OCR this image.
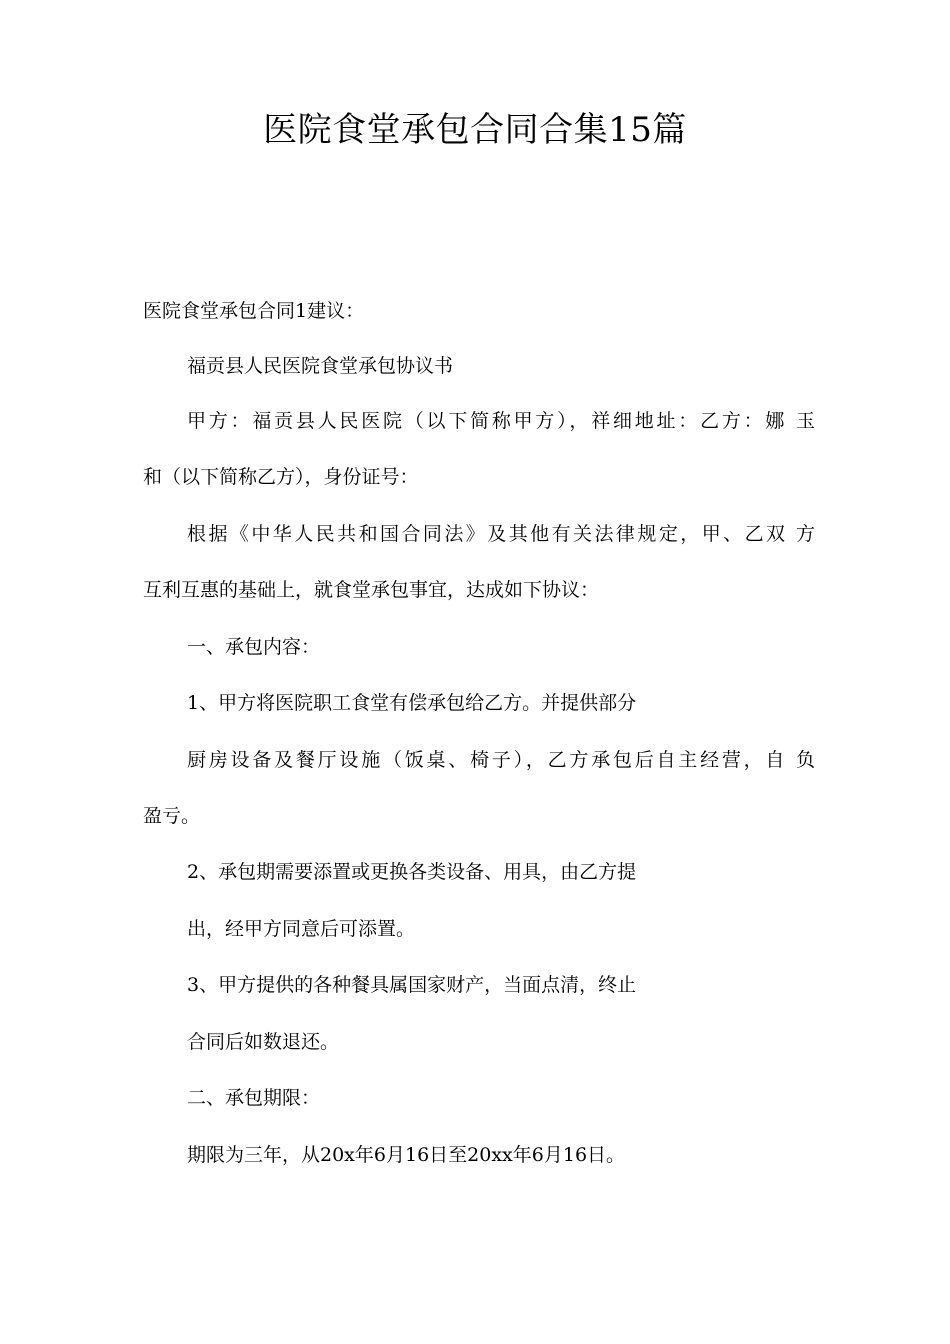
医院食堂承包合同合集15篇
医院食堂承包合同1建议：
福贡县人民医院食堂承包协议书
甲方：福贡县人民医院（以下简称甲方），祥细地址：乙方：娜 玉
和（以下简称乙方），身份证号：
根据《中华人民共和国合同法》及其他有关法律规定，甲、乙双 方
互利互惠的基础上，就食堂承包事宜，达成如下协议：
一、承包内容：
1、甲方将医院职工食堂有偿承包给乙方。并提供部分
厨房设备及餐厅设施（饭桌、椅子），乙方承包后自主经营，自 负
盈亏。
2、承包期需要添置或更换各类设备、用具，由乙方提
出，经甲方同意后可添置。
3、甲方提供的各种餐具属国家财产，当面点清，终止
合同后如数退还。
二、承包期限：
期限为三年，从20x年6月16日至20xx年6月16日。
